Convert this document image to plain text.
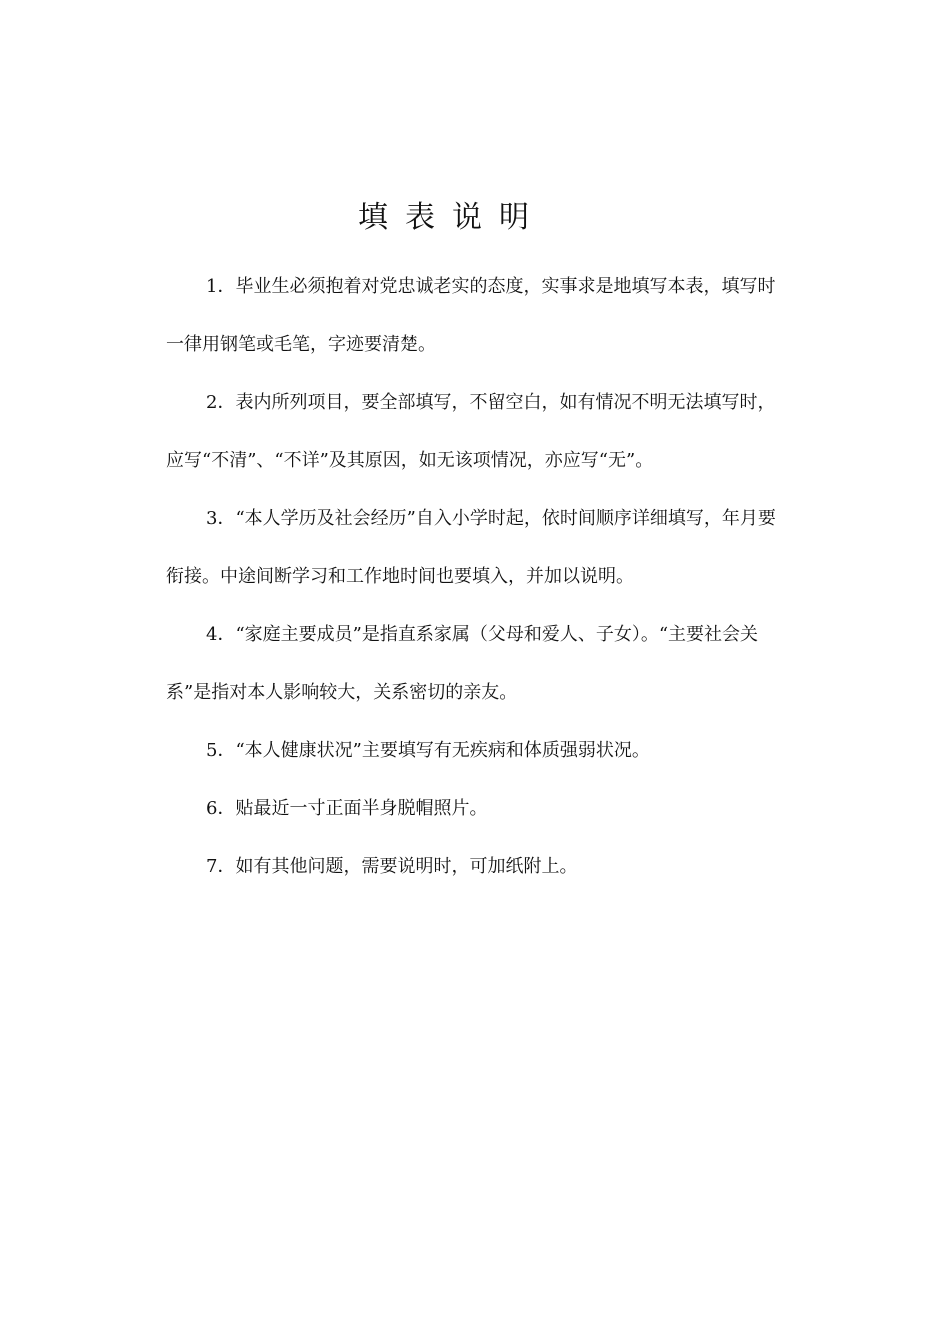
填表说明

1．毕业生必须抱着对党忠诚老实的态度，实事求是地填写本表，填写时一律用钢笔或毛笔，字迹要清楚。

2．表内所列项目，要全部填写，不留空白，如有情况不明无法填写时，应写“不清”、“不详”及其原因，如无该项情况，亦应写“无”。

3．“本人学历及社会经历”自入小学时起，依时间顺序详细填写，年月要衔接。中途间断学习和工作地时间也要填入，并加以说明。

4．“家庭主要成员”是指直系家属（父母和爱人、子女）。“主要社会关系”是指对本人影响较大，关系密切的亲友。

5．“本人健康状况”主要填写有无疾病和体质强弱状况。

6．贴最近一寸正面半身脱帽照片。

7．如有其他问题，需要说明时，可加纸附上。
